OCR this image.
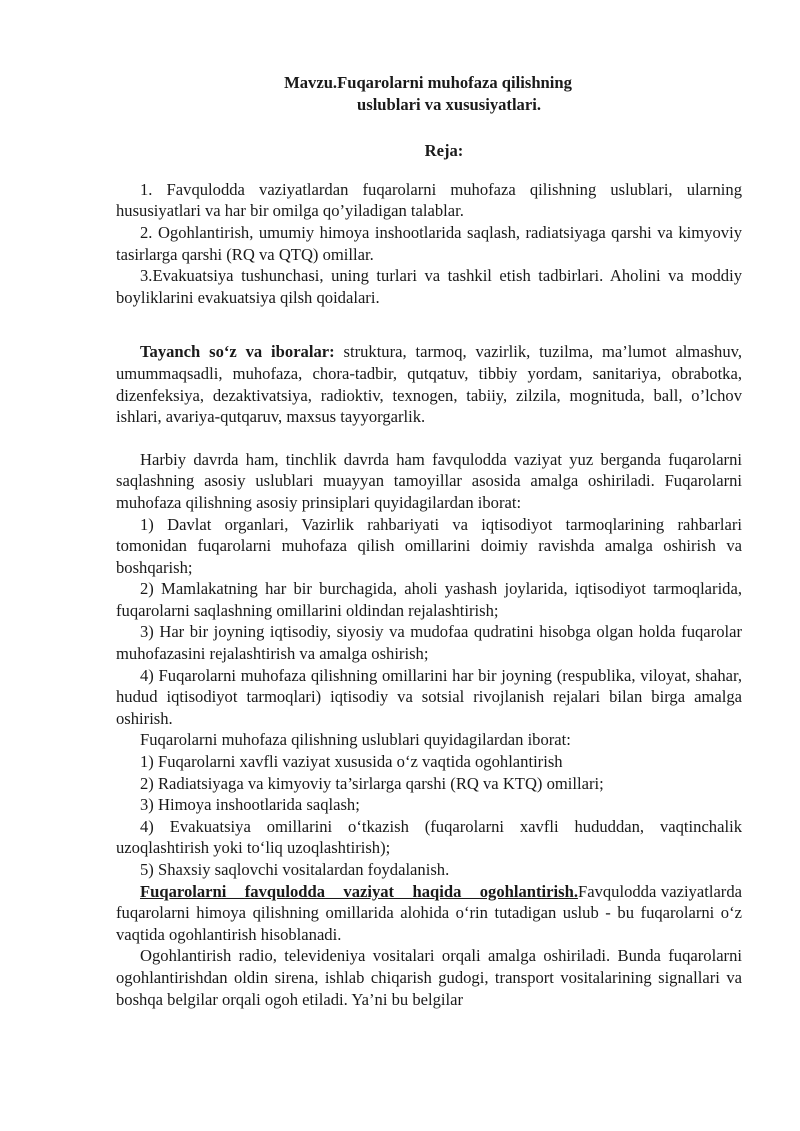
Mavzu.Fuqarolarni muhofaza qilishning
uslublari va xususiyatlari.
Reja:

1. Favqulodda vaziyatlardan fuqarolarni muhofaza qilishning uslublari, ularning hususiyatlari va har bir omilga qo’yiladigan talablar.

2. Ogohlantirish, umumiy himoya inshootlarida saqlash, radiatsiyaga qarshi va kimyoviy tasirlarga qarshi (RQ va QTQ) omillar.

3.Evakuatsiya tushunchasi, uning turlari va tashkil etish tadbirlari. Aholini va moddiy boyliklarini evakuatsiya qilsh qoidalari.

Tayanch so‘z va iboralar: struktura, tarmoq, vazirlik, tuzilma, ma’lumot almashuv, umummaqsadli, muhofaza, chora-tadbir, qutqatuv, tibbiy yordam, sanitariya, obrabotka, dizenfeksiya, dezaktivatsiya, radioktiv, texnogen, tabiiy, zilzila, mognituda, ball, o’lchov ishlari, avariya-qutqaruv, maxsus tayyorgarlik.

Harbiy davrda ham, tinchlik davrda ham favqulodda vaziyat yuz berganda fuqarolarni saqlashning asosiy uslublari muayyan tamoyillar asosida amalga oshiriladi. Fuqarolarni muhofaza qilishning asosiy prinsiplari quyidagilardan iborat:

1) Davlat organlari, Vazirlik rahbariyati va iqtisodiyot tarmoqlarining rahbarlari tomonidan fuqarolarni muhofaza qilish omillarini doimiy ravishda amalga oshirish va boshqarish;

2) Mamlakatning har bir burchagida, aholi yashash joylarida, iqtisodiyot tarmoqlarida, fuqarolarni saqlashning omillarini oldindan rejalashtirish;

3) Har bir joyning iqtisodiy, siyosiy va mudofaa qudratini hisobga olgan holda fuqarolar muhofazasini rejalashtirish va amalga oshirish;

4) Fuqarolarni muhofaza qilishning omillarini har bir joyning (respublika, viloyat, shahar, hudud iqtisodiyot tarmoqlari) iqtisodiy va sotsial rivojlanish rejalari bilan birga amalga oshirish.

Fuqarolarni muhofaza qilishning uslublari quyidagilardan iborat:

1) Fuqarolarni xavfli vaziyat xususida o‘z vaqtida ogohlantirish

2) Radiatsiyaga va kimyoviy ta’sirlarga qarshi (RQ va KTQ) omillari;

3) Himoya inshootlarida saqlash;

4) Evakuatsiya omillarini o‘tkazish (fuqarolarni xavfli hududdan, vaqtinchalik uzoqlashtirish yoki to‘liq uzoqlashtirish);

5) Shaxsiy saqlovchi vositalardan foydalanish.

Fuqarolarni    favqulodda    vaziyat    haqida    ogohlantirish.Favqulodda vaziyatlarda fuqarolarni himoya qilishning omillarida alohida o‘rin tutadigan uslub - bu fuqarolarni o‘z vaqtida ogohlantirish hisoblanadi.

Ogohlantirish radio, televideniya vositalari orqali amalga oshiriladi. Bunda fuqarolarni ogohlantirishdan oldin sirena, ishlab chiqarish gudogi, transport vositalarining signallari va boshqa belgilar orqali ogoh etiladi. Ya’ni bu belgilar
